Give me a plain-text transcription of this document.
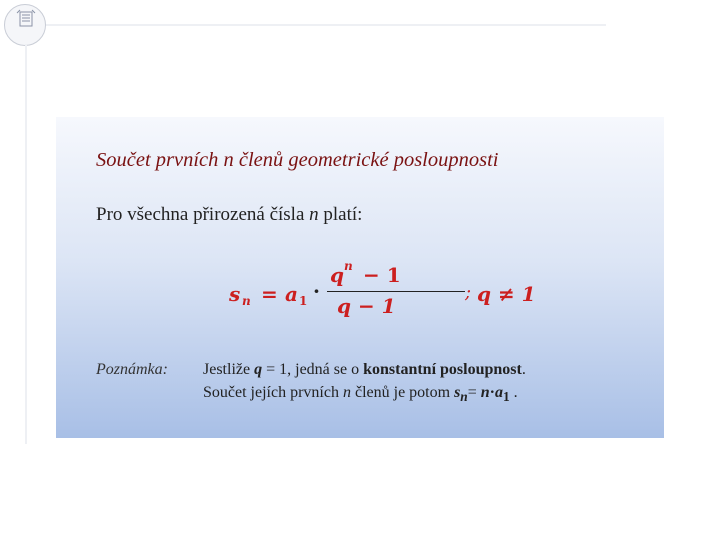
Součet prvních n členů geometrické posloupnosti
Pro všechna přirozená čísla n platí:
s n = a 1 ·
q n − 1
q − 1
; q ≠ 1
Poznámka: Jestliže q = 1, jedná se o konstantní posloupnost.
Součet jejích prvních n členů je potom $s_n= n\cdot a_1$ .
